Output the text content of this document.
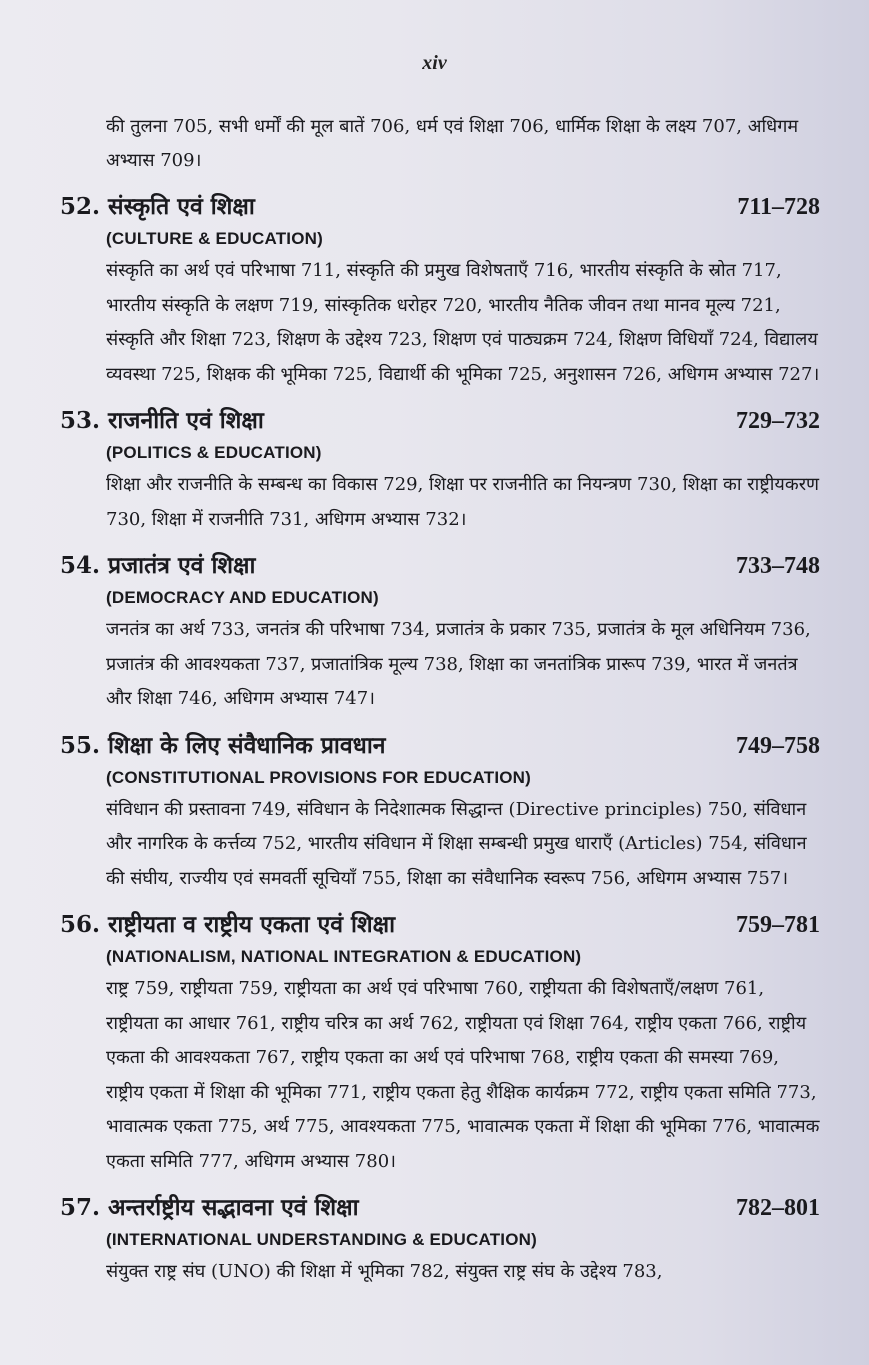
xiv

की तुलना 705, सभी धर्मों की मूल बातें 706, धर्म एवं शिक्षा 706, धार्मिक शिक्षा के लक्ष्य 707, अधिगम अभ्यास 709।

52. संस्कृति एवं शिक्षा	711–728
(CULTURE & EDUCATION)
संस्कृति का अर्थ एवं परिभाषा 711, संस्कृति की प्रमुख विशेषताएँ 716, भारतीय संस्कृति के स्रोत 717, भारतीय संस्कृति के लक्षण 719, सांस्कृतिक धरोहर 720, भारतीय नैतिक जीवन तथा मानव मूल्य 721, संस्कृति और शिक्षा 723, शिक्षण के उद्देश्य 723, शिक्षण एवं पाठ्यक्रम 724, शिक्षण विधियाँ 724, विद्यालय व्यवस्था 725, शिक्षक की भूमिका 725, विद्यार्थी की भूमिका 725, अनुशासन 726, अधिगम अभ्यास 727।
53. राजनीति एवं शिक्षा	729–732
(POLITICS & EDUCATION)
शिक्षा और राजनीति के सम्बन्ध का विकास 729, शिक्षा पर राजनीति का नियन्त्रण 730, शिक्षा का राष्ट्रीयकरण 730, शिक्षा में राजनीति 731, अधिगम अभ्यास 732।
54. प्रजातंत्र एवं शिक्षा	733–748
(DEMOCRACY AND EDUCATION)
जनतंत्र का अर्थ 733, जनतंत्र की परिभाषा 734, प्रजातंत्र के प्रकार 735, प्रजातंत्र के मूल अधिनियम 736, प्रजातंत्र की आवश्यकता 737, प्रजातांत्रिक मूल्य 738, शिक्षा का जनतांत्रिक प्रारूप 739, भारत में जनतंत्र और शिक्षा 746, अधिगम अभ्यास 747।
55. शिक्षा के लिए संवैधानिक प्रावधान	749–758
(CONSTITUTIONAL PROVISIONS FOR EDUCATION)
संविधान की प्रस्तावना 749, संविधान के निदेशात्मक सिद्धान्त (Directive principles) 750, संविधान और नागरिक के कर्त्तव्य 752, भारतीय संविधान में शिक्षा सम्बन्धी प्रमुख धाराएँ (Articles) 754, संविधान की संघीय, राज्यीय एवं समवर्ती सूचियाँ 755, शिक्षा का संवैधानिक स्वरूप 756, अधिगम अभ्यास 757।
56. राष्ट्रीयता व राष्ट्रीय एकता एवं शिक्षा	759–781
(NATIONALISM, NATIONAL INTEGRATION & EDUCATION)
राष्ट्र 759, राष्ट्रीयता 759, राष्ट्रीयता का अर्थ एवं परिभाषा 760, राष्ट्रीयता की विशेषताएँ/लक्षण 761, राष्ट्रीयता का आधार 761, राष्ट्रीय चरित्र का अर्थ 762, राष्ट्रीयता एवं शिक्षा 764, राष्ट्रीय एकता 766, राष्ट्रीय एकता की आवश्यकता 767, राष्ट्रीय एकता का अर्थ एवं परिभाषा 768, राष्ट्रीय एकता की समस्या 769, राष्ट्रीय एकता में शिक्षा की भूमिका 771, राष्ट्रीय एकता हेतु शैक्षिक कार्यक्रम 772, राष्ट्रीय एकता समिति 773, भावात्मक एकता 775, अर्थ 775, आवश्यकता 775, भावात्मक एकता में शिक्षा की भूमिका 776, भावात्मक एकता समिति 777, अधिगम अभ्यास 780।
57. अन्तर्राष्ट्रीय सद्भावना एवं शिक्षा	782–801
(INTERNATIONAL UNDERSTANDING & EDUCATION)
संयुक्त राष्ट्र संघ (UNO) की शिक्षा में भूमिका 782, संयुक्त राष्ट्र संघ के उद्देश्य 783,
